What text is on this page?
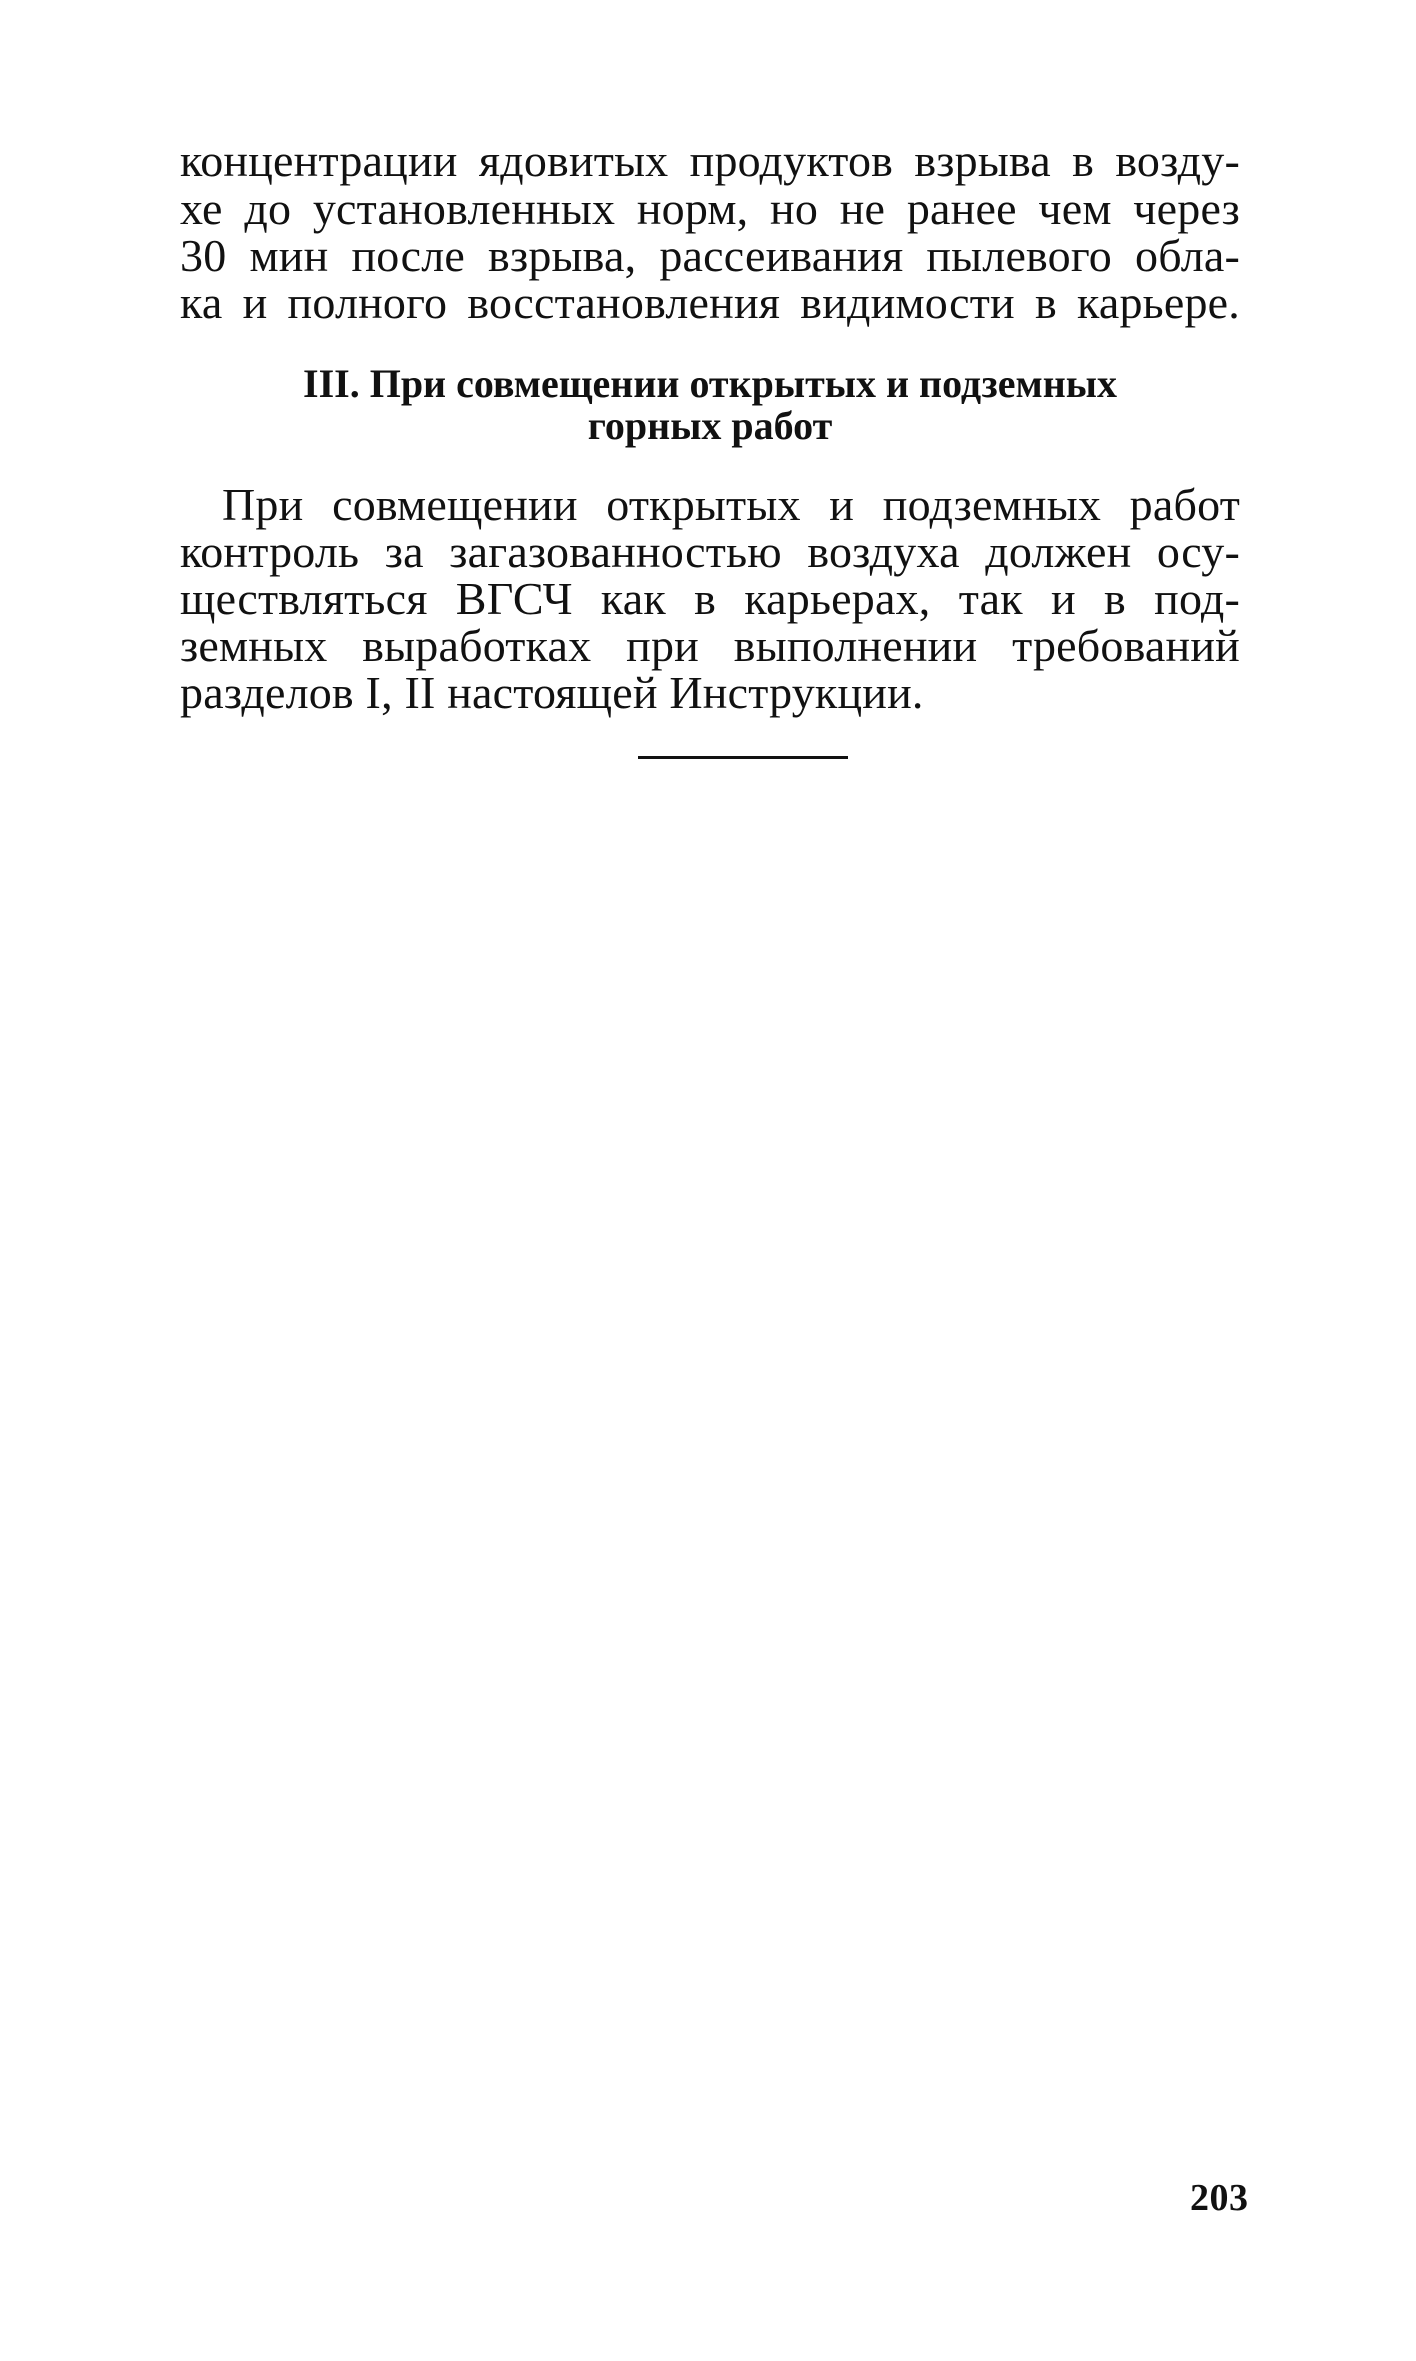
концентрации ядовитых продуктов взрыва в возду-
хе до установленных норм, но не ранее чем через
30 мин после взрыва, рассеивания пылевого обла-
ка и полного восстановления видимости в карьере.
III. При совмещении открытых и подземных
горных работ
При совмещении открытых и подземных работ
контроль за загазованностью воздуха должен осу-
ществляться ВГСЧ как в карьерах, так и в под-
земных выработках при выполнении требований
разделов I, II настоящей Инструкции.
203
